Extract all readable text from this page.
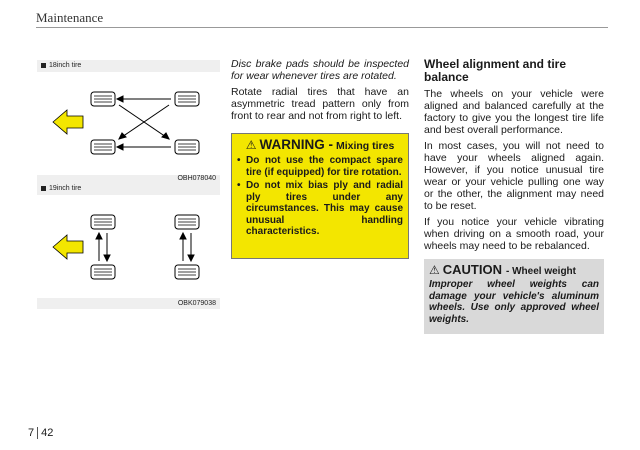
Maintenance
18inch tire
OBH078040
19inch tire
OBK079038

Disc brake pads should be inspected for wear whenever tires are rotated.

Rotate radial tires that have an asymmetric tread pattern only from front to rear and not from right to left.

⚠ WARNING - Mixing tires
• Do not use the compact spare tire (if equipped) for tire rotation.
• Do not mix bias ply and radial ply tires under any circumstances. This may cause unusual handling characteristics.
Wheel alignment and tire balance

The wheels on your vehicle were aligned and balanced carefully at the factory to give you the longest tire life and best overall performance.

In most cases, you will not need to have your wheels aligned again. However, if you notice unusual tire wear or your vehicle pulling one way or the other, the alignment may need to be reset.

If you notice your vehicle vibrating when driving on a smooth road, your wheels may need to be rebalanced.

⚠ CAUTION - Wheel weight

Improper wheel weights can damage your vehicle's aluminum wheels. Use only approved wheel weights.

7 42
